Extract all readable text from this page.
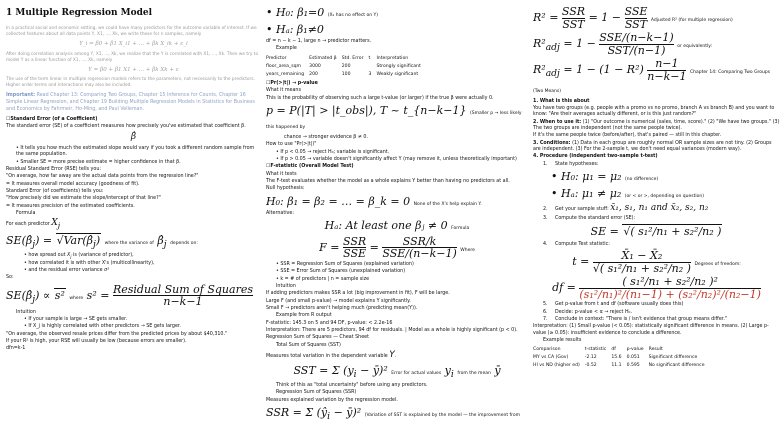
1 Multiple Regression Model

In a practical social and economic setting, we could have many predictors for the outcome variable of interest. If we collected features about all data points Y, X1, ..., Xk, we write these for n samples, namely

Y_i = β0 + β1 X_i1 + ... + βk X_ik + ε_i

After doing correlation analysis among Y, X1, ..., Xk, we realize that the Y is correlated with X1, ..., Xk. Then we try to model Y as a linear function of X1, ..., Xk, namely

Y = β0 + β1 X1 + ... + βk Xk + ε

The use of the term linear in multiple regression models refers to the parameters, not necessarily to the predictors. Higher order terms and interactions may also be included.

Important: Read Chapter 13: Comparing Two Groups, Chapter 15 Inference for Counts, Chapter 16 Simple Linear Regression, and Chapter 19 Building Multiple Regression Models in Statistics for Business and Economics by Fahrmeir, Ho-Ming, and Paul Velleman.

☐Standard Error (of a Coefficient)

The standard error (SE) of a coefficient measures how precisely you've estimated that coefficient β.

β̂

• It tells you how much the estimated slope would vary if you took a different random sample from the same population.

• Smaller SE = more precise estimate = higher confidence in that β.

Residual Standard Error (RSE) tells you:

"On average, how far away are the actual data points from the regression line?"

= It measures overall model accuracy (goodness of fit).

Standard Error (of coefficients) tells you:

"How precisely did we estimate the slope/intercept of that line?"

= It measures precision of the estimated coefficients.

Formula

For each predictor $X_j$

$SE(\betâ_j)$ = $√Var(\betâ_j)$ where the variance of $\betâ_j$ depends on:

• how spread out $X_j$ is (variance of predictor),

• how correlated it is with other X's (multicollinearity),

• and the residual error variance σ²

So:

$SE(\betâ_j) \propto s^2$ where $s^2 = \frac{\text{Residual Sum of Squares}}{n-k-1}$

Intuition

• If your sample is large → SE gets smaller.

• If X_j is highly correlated with other predictors → SE gets larger.

"On average, the observed resale prices differ from the predicted prices by about $40,310."

If your R² is high, your RSE will usually be low (because errors are smaller).

dfn=k-1

• H₀: β₁=0 (X₁ has no effect on Y)
• Hₐ: β₁≠0

df = n − k − 1, large n → predictor matters.

Example

Predictor	Estimated β	Std. Error	t	Interpretation
floor_area_sqm	3000	200		Strongly significant
years_remaining	200	100	3	Weakly significant

☐Pr(>|t|) → p-value

What it means

This is the probability of observing such a large t-value (or larger) if the true β were actually 0.

p = P(|T| > |t_obs|), T ~ t_{n−k−1} (Smaller p → less likely this happened by

chance → stronger evidence β ≠ 0.

How to use "Pr(>|t|)"

• If p < 0.05 → reject H₀; variable is significant.

• If p > 0.05 → variable doesn't significantly affect Y (may remove it, unless theoretically important)

☐F-statistic (Overall Model Test)

What it tests

The F-test evaluates whether the model as a whole explains Y better than having no predictors at all.

Null hypothesis:

H₀: β₁ = β₂ = … = β_k = 0 None of the X's help explain Y.

Alternative:

Hₐ: At least one βⱼ ≠ 0 Formula
$F = \frac{\text{SSR}}{\text{SSE}} = \frac{\text{SSR/k}}{\text{SSE/(n−k−1)}}$ Where

• SSR = Regression Sum of Squares (explained variation)

• SSE = Error Sum of Squares (unexplained variation)

• k = # of predictors | n = sample size

Intuition

If adding predictors makes SSR a lot (big improvement in fit), F will be large.

Large F (and small p-value) → model explains Y significantly.

Small F → predictors aren't helping much (predicting mean(Y)).

Example from R output

F-statistic: 145.3 on 5 and 94 DF, p-value: < 2.2e-16

Interpretation: There are 5 predictors, 94 df for residuals. | Model as a whole is highly significant (p < 0).

Regression Sum of Squares — Cheat Sheet

Total Sum of Squares (SST)

Measures total variation in the dependent variable Y.

SST = Σ ($y_i$ − ȳ)² Error for actual values $y_i$ from the mean ȳ

Think of this as "total uncertainty" before using any predictors.

Regression Sum of Squares (SSR)

Measures explained variation by the regression model.

SSR = Σ ($ŷ_i$ − ȳ)² (Variation of SST is explained by the model — the improvement from
$R^2 = \frac{\text{SSR}}{\text{SST}} = 1 - \frac{\text{SSE}}{\text{SST}}$ Adjusted R² (for multiple regression)
$R^2_{adj} = 1 - \frac{\text{SSE/(n−k−1)}}{\text{SST/(n−1)}}$ or equivalently:
$R^2_{adj} = 1 - (1 - R^2) \frac{n-1}{n-k-1}$ Chapter 14: Comparing Two Groups (Two Means)

1. What is this about

You have two groups (e.g. people with a promo vs no promo, branch A vs branch B) and you want to know: "Are their averages actually different, or is this just random?"

2. When to use it: (1) "Our outcome is numerical (sales, time, score)." (2) "We have two groups." (3) The two groups are independent (not the same people twice).

If it's the same people twice (before/after), that's paired — still in this chapter.

3. Conditions: (1) Data in each group are roughly normal OR sample sizes are not tiny. (2) Groups are independent. (3) For the 2-sample t, we don't need equal variances (modern way).

4. Procedure (independent two-sample t-test)

1. State hypotheses:

• H₀: μ₁ = μ₂ (no difference)
• Hₐ: μ₁ ≠ μ₂ (or < or >, depending on question)

2. Get your sample stuff: x̄₁, s₁, n₁ and x̄₂, s₂, n₂

3. Compute the standard error (SE):

SE = √( s₁²/n₁ + s₂²/n₂ )

4. Compute Test statistic:

$t = \frac{\text{X̄₁ − X̄₂}}{\text{√( s₁²/n₁ + s₂²/n₂ )}}$ Degrees of freedom:
df = $\frac{\text{( s₁²/n₁ + s₂²/n₂ )²}}{\text{(s₁²/n₁)²/(n₁−1) + (s₂²/n₂)²/(n₂−1)}}$

5. Get p-value from t and df (software usually does this)

6. Decide: p-value < α → reject H₀.

7. Conclude in context: "There is / isn't evidence that group means differ."

Interpretation: (1) Small p-value (< 0.05): statistically significant difference in means. (2) Large p-value (≥ 0.05): insufficient evidence to conclude a difference.

Example results

Comparison	t-statistic	df	p-value	Result
MY vs CA (Gov)	-2.12	15.6	0.051	Significant difference
HI vs ND (higher ed)	-0.52	11.1	0.595	No significant difference
